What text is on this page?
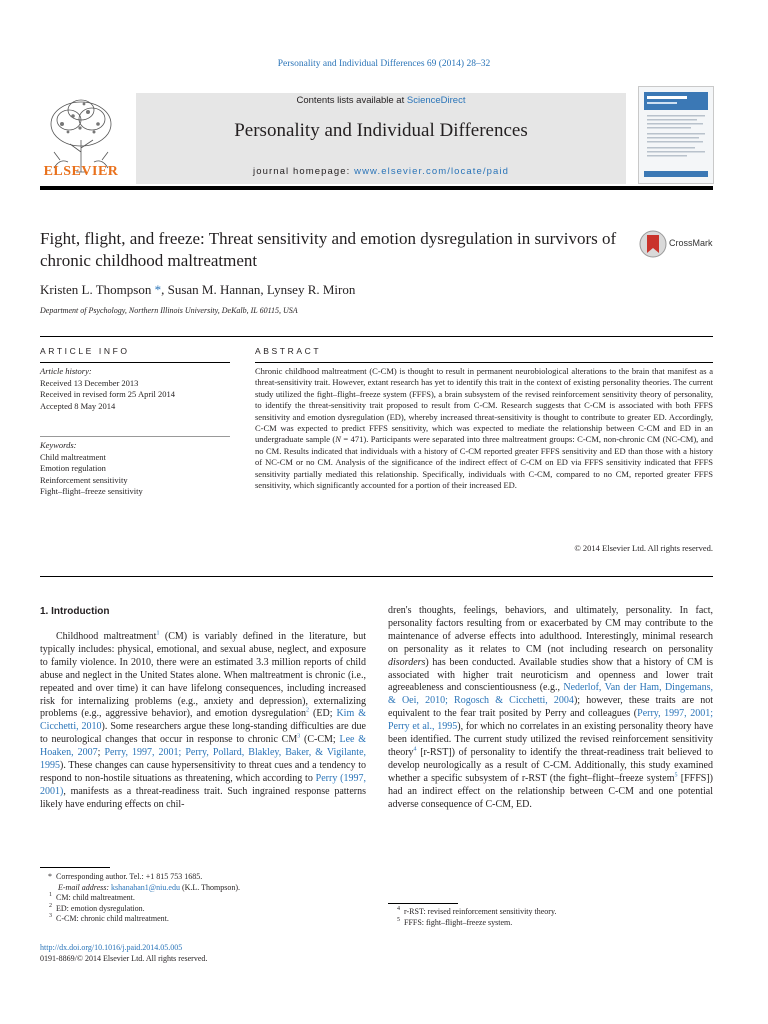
Personality and Individual Differences 69 (2014) 28–32
ELSEVIER
Contents lists available at ScienceDirect
Personality and Individual Differences
journal homepage: www.elsevier.com/locate/paid
Fight, flight, and freeze: Threat sensitivity and emotion dysregulation in survivors of chronic childhood maltreatment
CrossMark
Kristen L. Thompson *, Susan M. Hannan, Lynsey R. Miron
Department of Psychology, Northern Illinois University, DeKalb, IL 60115, USA
ARTICLE INFO	ABSTRACT
Article history:
Received 13 December 2013
Received in revised form 25 April 2014
Accepted 8 May 2014
Keywords:
Child maltreatment
Emotion regulation
Reinforcement sensitivity
Fight–flight–freeze sensitivity
Chronic childhood maltreatment (C-CM) is thought to result in permanent neurobiological alterations to the brain that manifest as a threat-sensitivity trait. However, extant research has yet to identify this trait in the context of existing personality theories. The current study utilized the fight–flight–freeze system (FFFS), a brain subsystem of the revised reinforcement sensitivity theory of personality, to identify the threat-sensitivity trait proposed to result from C-CM. Research suggests that C-CM is associated with both FFFS sensitivity and emotion dysregulation (ED), whereby increased threat-sensitivity is thought to contribute to greater ED. Accordingly, C-CM was expected to predict FFFS sensitivity, which was expected to mediate the relationship between C-CM and ED in an undergraduate sample (N = 471). Participants were separated into three maltreatment groups: C-CM, non-chronic CM (NC-CM), and no CM. Results indicated that individuals with a history of C-CM reported greater FFFS sensitivity and ED than those with a history of NC-CM or no CM. Analysis of the significance of the indirect effect of C-CM on ED via FFFS sensitivity indicated that FFFS sensitivity partially mediated this relationship. Specifically, individuals with C-CM, compared to no CM, reported greater FFFS sensitivity, which significantly accounted for a portion of their increased ED.
© 2014 Elsevier Ltd. All rights reserved.
1. Introduction

Childhood maltreatment$^1$ (CM) is variably defined in the literature, but typically includes: physical, emotional, and sexual abuse, neglect, and exposure to family violence. In 2010, there were an estimated 3.3 million reports of child abuse and neglect in the United States alone. When maltreatment is chronic (i.e., repeated and over time) it can have lifelong consequences, including increased risk for internalizing problems (e.g., anxiety and depression), externalizing problems (e.g., aggressive behavior), and emotion dysregulation$^2$ (ED; Kim & Cicchetti, 2010). Some researchers argue these long-standing difficulties are due to neurological changes that occur in response to chronic $CM^3$ (C-CM; Lee & Hoaken, 2007; Perry, 1997, 2001; Perry, Pollard, Blakley, Baker, & Vigilante, 1995). These changes can cause hypersensitivity to threat cues and a tendency to respond to non-hostile situations as threatening, which according to Perry (1997, 2001), manifests as a threat-readiness trait. Such ingrained response patterns likely have enduring effects on chil-

dren's thoughts, feelings, behaviors, and ultimately, personality. In fact, personality factors resulting from or exacerbated by CM may contribute to the maintenance of adverse effects into adulthood. Interestingly, minimal research on personality as it relates to CM (not including research on personality disorders) has been conducted. Available studies show that a history of CM is associated with higher trait neuroticism and openness and lower trait agreeableness and conscientiousness (e.g., Nederlof, Van der Ham, Dingemans, & Oei, 2010; Rogosch & Cicchetti, 2004); however, these traits are not equivalent to the fear trait posited by Perry and colleagues (Perry, 1997, 2001; Perry et al., 1995), for which no correlates in an existing personality theory have been identified. The current study utilized the revised reinforcement sensitivity theory$^4$ [r-RST]) of personality to identify the threat-readiness trait believed to develop neurologically as a result of C-CM. Additionally, this study examined whether a specific subsystem of r-RST (the fight–flight–freeze system$^5$ [FFFS]) had an indirect effect on the relationship between C-CM and one potential adverse consequence of C-CM, ED.

* Corresponding author. Tel.: +1 815 753 1685.
E-mail address: kshanahan1@niu.edu (K.L. Thompson).
$^1$ CM: child maltreatment.
$^2$ ED: emotion dysregulation.
$^3$ C-CM: chronic child maltreatment.
$^4$ r-RST: revised reinforcement sensitivity theory.
$^5$ FFFS: fight–flight–freeze system.
http://dx.doi.org/10.1016/j.paid.2014.05.005
0191-8869/© 2014 Elsevier Ltd. All rights reserved.
